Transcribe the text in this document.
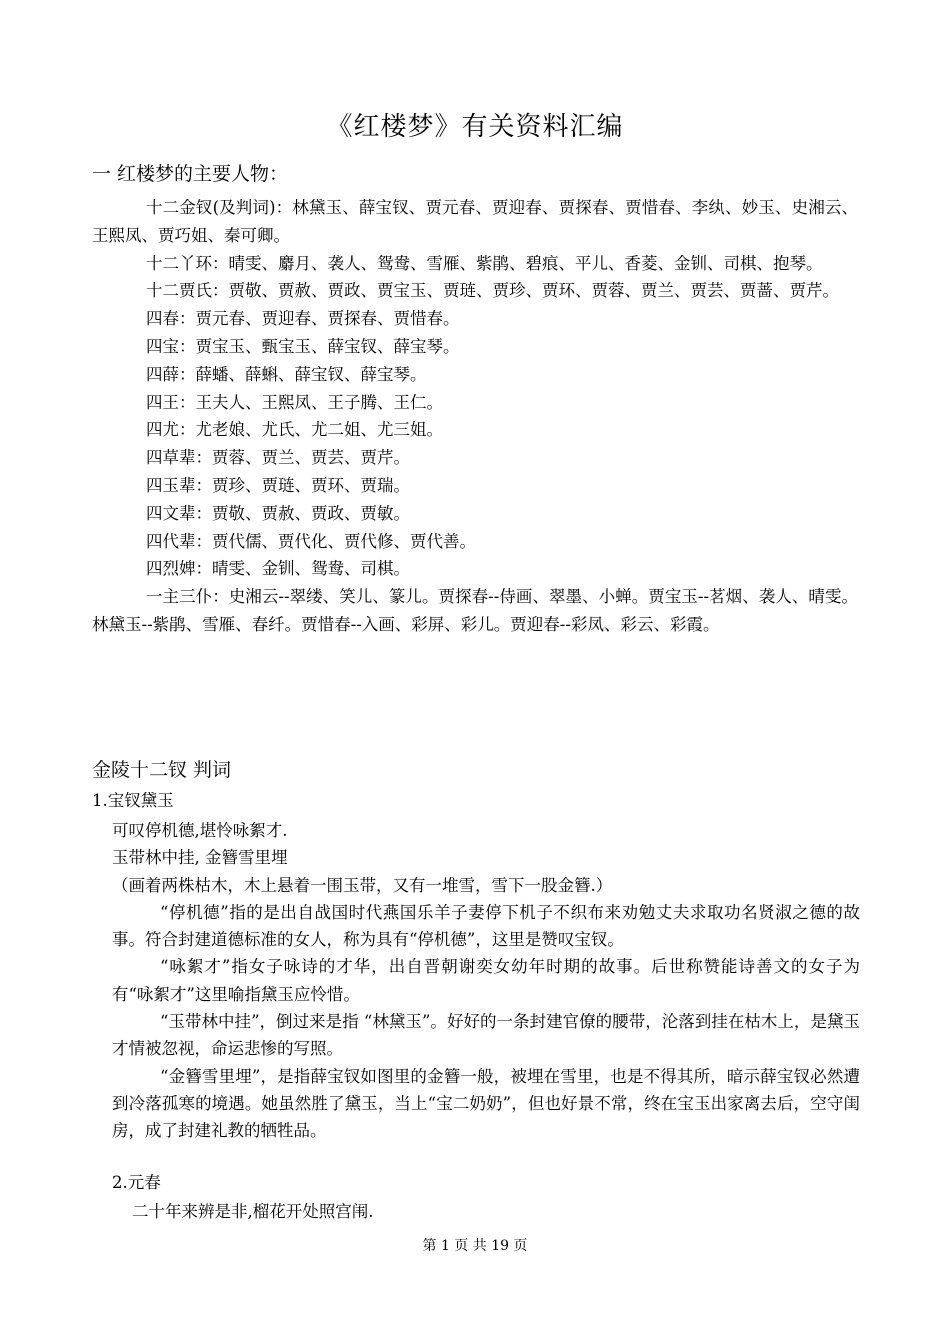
《红楼梦》有关资料汇编
一 红楼梦的主要人物：

十二金钗(及判词)：林黛玉、薛宝钗、贾元春、贾迎春、贾探春、贾惜春、李纨、妙玉、史湘云、王熙凤、贾巧姐、秦可卿。

十二丫环：晴雯、麝月、袭人、鸳鸯、雪雁、紫鹃、碧痕、平儿、香菱、金钏、司棋、抱琴。

十二贾氏：贾敬、贾赦、贾政、贾宝玉、贾琏、贾珍、贾环、贾蓉、贾兰、贾芸、贾蔷、贾芹。

四春：贾元春、贾迎春、贾探春、贾惜春。

四宝：贾宝玉、甄宝玉、薛宝钗、薛宝琴。

四薛：薛蟠、薛蝌、薛宝钗、薛宝琴。

四王：王夫人、王熙凤、王子腾、王仁。

四尤：尤老娘、尤氏、尤二姐、尤三姐。

四草辈：贾蓉、贾兰、贾芸、贾芹。

四玉辈：贾珍、贾琏、贾环、贾瑞。

四文辈：贾敬、贾赦、贾政、贾敏。

四代辈：贾代儒、贾代化、贾代修、贾代善。

四烈婢：晴雯、金钏、鸳鸯、司棋。

一主三仆：史湘云--翠缕、笑儿、篆儿。贾探春--侍画、翠墨、小蝉。贾宝玉--茗烟、袭人、晴雯。林黛玉--紫鹃、雪雁、春纤。贾惜春--入画、彩屏、彩儿。贾迎春--彩凤、彩云、彩霞。

金陵十二钗 判词
1.宝钗黛玉

可叹停机德,堪怜咏絮才.

玉带林中挂, 金簪雪里埋

（画着两株枯木，木上悬着一围玉带，又有一堆雪，雪下一股金簪.）

“停机德”指的是出自战国时代燕国乐羊子妻停下机子不织布来劝勉丈夫求取功名贤淑之德的故事。符合封建道德标准的女人，称为具有“停机德”，这里是赞叹宝钗。

“咏絮才”指女子咏诗的才华，出自晋朝谢奕女幼年时期的故事。后世称赞能诗善文的女子为有“咏絮才”这里喻指黛玉应怜惜。

“玉带林中挂”，倒过来是指 “林黛玉”。好好的一条封建官僚的腰带，沦落到挂在枯木上，是黛玉才情被忽视，命运悲惨的写照。

“金簪雪里埋”，是指薛宝钗如图里的金簪一般，被埋在雪里，也是不得其所，暗示薛宝钗必然遭到冷落孤寒的境遇。她虽然胜了黛玉，当上“宝二奶奶”，但也好景不常，终在宝玉出家离去后，空守闺房，成了封建礼教的牺牲品。

2.元春
二十年来辨是非,榴花开处照宫闱.
第 1 页 共 19 页
